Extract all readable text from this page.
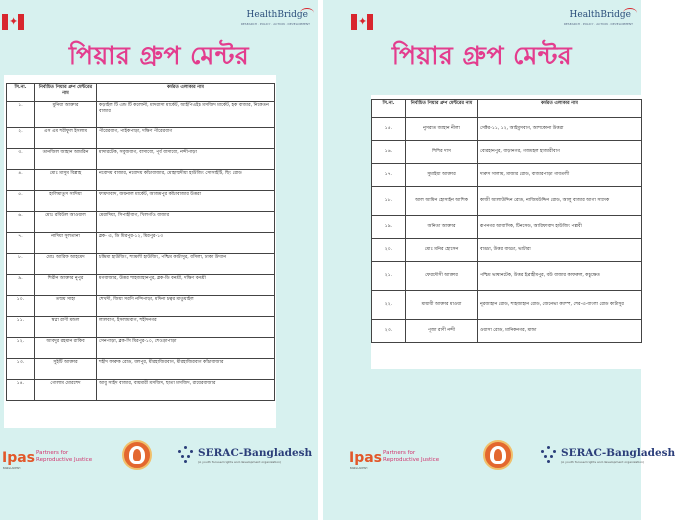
✦	HealthBridge
RESEARCH · POLICY · ACTION · DEVELOPMENT
পিয়ার গ্রুপ মেন্টর
সি.না.	নির্বাচিত পিয়ার গ্রুপ মেন্টরের নাম	কর্মরত এলাকার নাম
১.	মুনিয়া আক্তার	কড়াইল টি এন্ড টি কলোনী, মাদরাসা মার্কেট, আইপিএইচ মসজিদ মার্কেট, হক বাজার, নিকেতন বাজার
২.	এস এম শরীফুল ইসলাম	পীরেরবাগ, পাইকপাড়া, দক্ষিণ পীরেরবাগ
৩.	তানজিল জাহান আমরিন	মাদারটেক, সবুজবাগ, বাসাবো, পূর্ব বাসাবো, নন্দীপাড়া
৪.	মোঃ মাসুম বিল্লাহ	নবোদয় বাজার, নবোদয় কাঁচাবাজার, মোহাম্মদীয়া হাউজিং সোসাইটি, ছিং রোড
৫.	হালিমাতুস সাদিয়া	ফায়দাবাদ, জয়নাল মার্কেট, আজমপুর কাঁচাবাজার উত্তরা
৬.	মোঃ রবিউল আওয়াল	মেরাদিয়া, সিপাহীবাগ, খিলগাঁও বাজার
৭.	নাদিয়া সুলতানা	ব্লক- এ, ডি মিরপুর-১২, মিরপুর-১৩
৮.	মোঃ আরিফ আহমেদ	চন্দ্রিমা হাউজিং, শ্যামলী হাউজিং, পশ্চিম কাটাসুর, বসিলা, ঢাকা উদ্যান
৯.	শিরীন আক্তার নুপুর	মগবাজার, উত্তর শাহজাহানপুর, ব্লক-ডি বনশ্রী, দক্ষিণ বনশ্রী
১০.	তন্ময় সাহা	শেখদী, জিয়া সরণি নন্দিপাড়া, মদিনা চত্বর মাতুয়াইল
১১.	স্বপ্না রাণী মন্ডল	লালবাগ, ইসলামবাগ, শহীদনগর
১২.	আবদুর রহমান রাকিব	সেনপাড়া, ব্লক-সি মিরপুর-১০, শেওড়াপাড়া
১৩.	সুইটি আক্তার	শহীদ ফারুক রোড, ধলপুর, মীরহাজিরবাগ, মীরহাজিরবাগ কাঁচাবাজার
১৪.	গোলাম মোরশেদ	আবু সাইদ বাজার, বায়মারী মসজিদ, ছাতা মসজিদ, রায়েরবাজার
Ipas
BANGLADESH
Partners for
Reproductive Justice
SERAC-Bangladesh
(A youth focused rights and development organization)
✦	HealthBridge
RESEARCH · POLICY · ACTION · DEVELOPMENT
পিয়ার গ্রুপ মেন্টর
সি.না.	নির্বাচিত পিয়ার গ্রুপ মেন্টরের নাম	কর্মরত এলাকার নাম
১৫.	নুসরাত জাহান নীলা	সেক্টর-১১, ১২, আইমুসবাগ, আশকোনা উত্তরা
১৬.	শিশির দাস	বোরহানপুর, বাড়ানগর, গজমহল হাজারীবাগ
১৭.	সুমাইয়া আক্তার	দারুস সালাম, মাজার রোড, বাজারপাড়া গাবতলী
১৮.	আল আমিন হোসাইন আশিক	কাজী আলাউদ্দিন রোড, নাজিমউদ্দিন রোড, আলু বাজার আগা সাদেক
১৯.	অনিতা আক্তার	রূপনগর আবাসিক, টিনসেড, আরিফাবাদ হাউজিং পল্লবী
২০.	মোঃ মনির হোসেন	বাড্ডা, উত্তর বাড্ডা, ভাটারা
২১.	ফেরদৌসী আক্তার	পশ্চিম ভাষানটেক, উত্তর ইব্রাহীমপুর, বউ বাজার কাফরুল, কচুক্ষেত
২২.	মায়াবী আক্তার মাওয়া	নূরজাহান রোড, শাহজাহান রোড, জেনেভা ক্যাম্প, শের-এ-বাংলা রোড কাটাসুর
২৩.	পূজা রাণী নন্দী	ওয়াসা রোড, মানিকনগর, মান্ডা
Ipas
BANGLADESH
Partners for
Reproductive Justice
SERAC-Bangladesh
(A youth focused rights and development organization)
